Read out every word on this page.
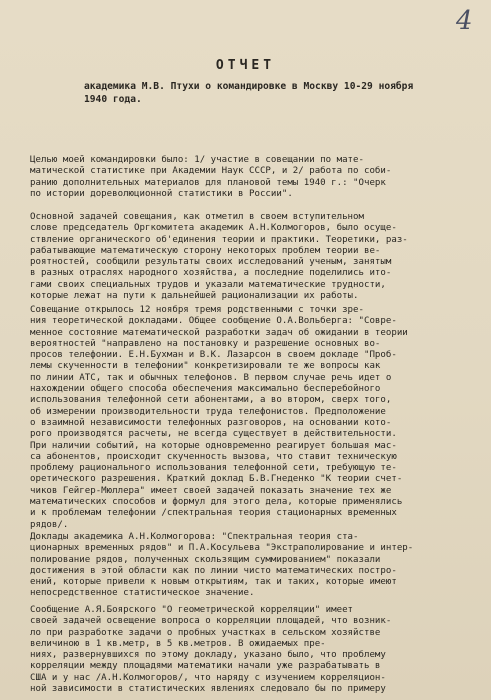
4
ОТЧЕТ
академика М.В. Птухи о командировке в Москву 10-29 ноября
1940 года.

Целью моей командировки было: 1/ участие в совещании по мате-
матической статистике при Академии Наук СССР, и 2/ работа по соби-
ранию дополнительных материалов для плановой темы 1940 г.: "Очерк
по истории дореволюционной статистики в России".

Основной задачей совещания, как отметил в своем вступительном
слове председатель Оргкомитета академик А.Н.Колмогоров, было осуще-
ствление органического об'единения теории и практики. Теоретики, раз-
рабатывающие математическую сторону некоторых проблем теории ве-
роятностей, сообщили результаты своих исследований ученым, занятым
в разных отраслях народного хозяйства, а последние поделились ито-
гами своих специальных трудов и указали математические трудности,
которые лежат на пути к дальнейшей рационализации их работы.

Совещание открылось 12 ноября тремя родственными с точки зре-
ния теоретической докладами. Общее сообщение О.А.Вольберга: "Совре-
менное состояние математической разработки задач об ожидании в теории
вероятностей "направлено на постановку и разрешение основных во-
просов телефонии. Е.Н.Бухман и В.К. Лазарсон в своем докладе "Проб-
лемы скученности в телефонии" конкретизировали те же вопросы как
по линии АТС, так и обычных телефонов. В первом случае речь идет о
нахождении общего способа обеспечения максимально бесперебойного
использования телефонной сети абонентами, а во втором, сверх того,
об измерении производительности труда телефонистов. Предположение
о взаимной независимости телефонных разговоров, на основании кото-
рого производятся расчеты, не всегда существует в действительности.
При наличии событий, на которые одновременно реагирует большая мас-
са абонентов, происходит скученность вызова, что ставит техническую
проблему рационального использования телефонной сети, требующую те-
оретического разрешения. Краткий доклад Б.В.Гнеденко "К теории счет-
чиков Гейгер-Мюллера" имеет своей задачей показать значение тех же
математических способов и формул для этого дела, которые применялись
и к проблемам телефонии /спектральная теория стационарных временных
рядов/.

Доклады академика А.Н.Колмогорова: "Спектральная теория ста-
ционарных временных рядов" и П.А.Косульева "Экстраполирование и интер-
полирование рядов, полученных скользящим суммированием" показали
достижения в этой области как по линии чисто математических постро-
ений, которые привели к новым открытиям, так и таких, которые имеют
непосредственное статистическое значение.

Сообщение А.Я.Боярского "О геометрической корреляции" имеет
своей задачей освещение вопроса о корреляции площадей, что возник-
ло при разработке задачи о пробных участках в сельском хозяйстве
величиною в 1 кв.метр, в 5 кв.метров. В ожидаемых пре-
ниях, развернувшихся по этому докладу, указано было, что проблему
корреляции между площадями математики начали уже разрабатывать в
США и у нас /А.Н.Колмогоров/, что наряду с изучением корреляцион-
ной зависимости в статистических явлениях следовало бы по примеру
